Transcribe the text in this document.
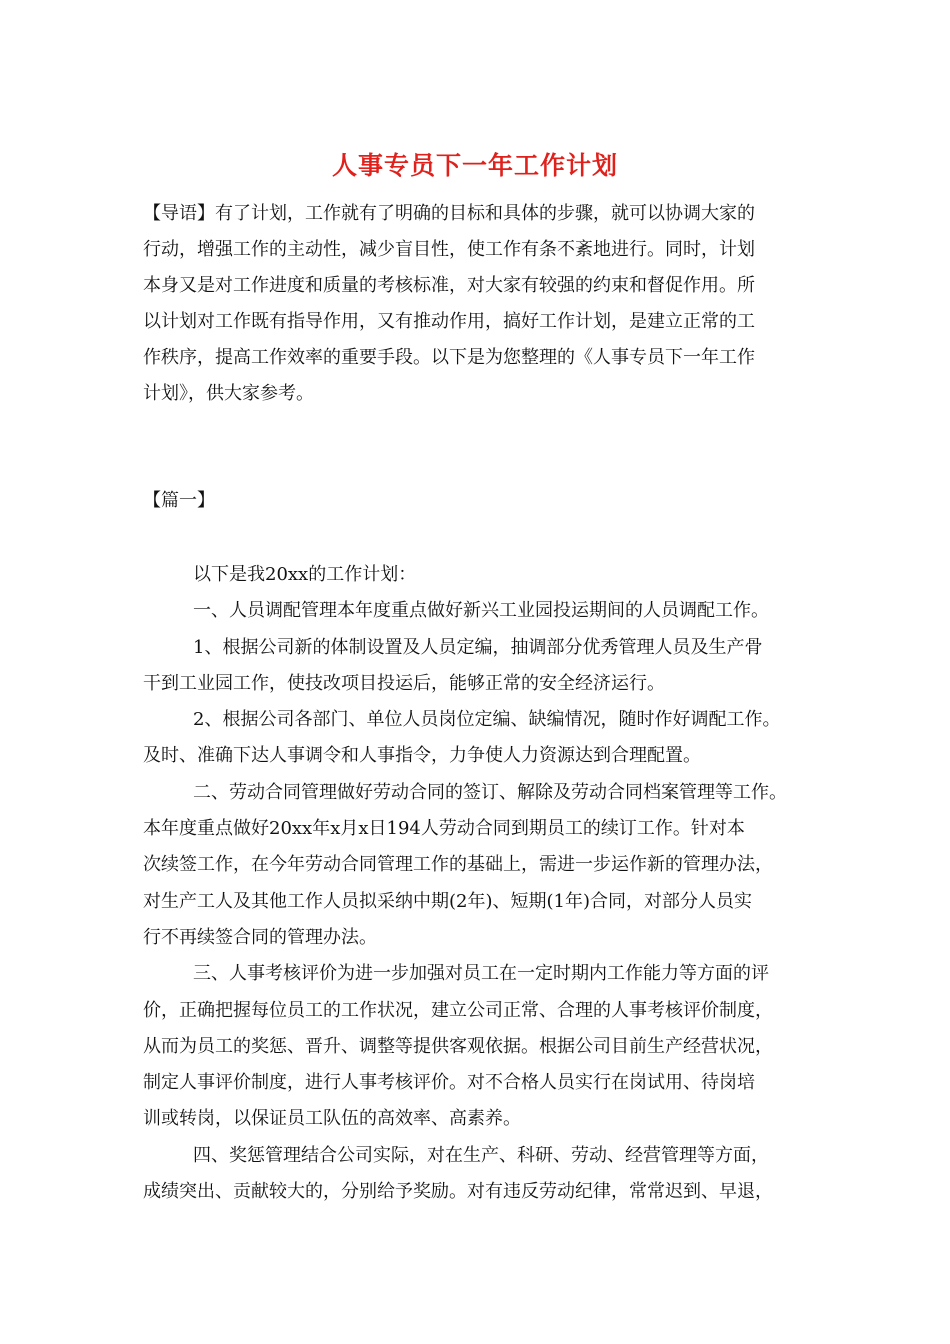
人事专员下一年工作计划
【导语】有了计划，工作就有了明确的目标和具体的步骤，就可以协调大家的
行动，增强工作的主动性，减少盲目性，使工作有条不紊地进行。同时，计划
本身又是对工作进度和质量的考核标准，对大家有较强的约束和督促作用。所
以计划对工作既有指导作用，又有推动作用，搞好工作计划，是建立正常的工
作秩序，提高工作效率的重要手段。以下是为您整理的《人事专员下一年工作
计划》，供大家参考。
【篇一】
以下是我20xx的工作计划：
一、人员调配管理本年度重点做好新兴工业园投运期间的人员调配工作。
1、根据公司新的体制设置及人员定编，抽调部分优秀管理人员及生产骨
干到工业园工作，使技改项目投运后，能够正常的安全经济运行。
2、根据公司各部门、单位人员岗位定编、缺编情况，随时作好调配工作。
及时、准确下达人事调令和人事指令，力争使人力资源达到合理配置。
二、劳动合同管理做好劳动合同的签订、解除及劳动合同档案管理等工作。
本年度重点做好20xx年x月x日194人劳动合同到期员工的续订工作。针对本
次续签工作，在今年劳动合同管理工作的基础上，需进一步运作新的管理办法，
对生产工人及其他工作人员拟采纳中期(2年)、短期(1年)合同，对部分人员实
行不再续签合同的管理办法。
三、人事考核评价为进一步加强对员工在一定时期内工作能力等方面的评
价，正确把握每位员工的工作状况，建立公司正常、合理的人事考核评价制度，
从而为员工的奖惩、晋升、调整等提供客观依据。根据公司目前生产经营状况，
制定人事评价制度，进行人事考核评价。对不合格人员实行在岗试用、待岗培
训或转岗，以保证员工队伍的高效率、高素养。
四、奖惩管理结合公司实际，对在生产、科研、劳动、经营管理等方面，
成绩突出、贡献较大的，分别给予奖励。对有违反劳动纪律，常常迟到、早退，
